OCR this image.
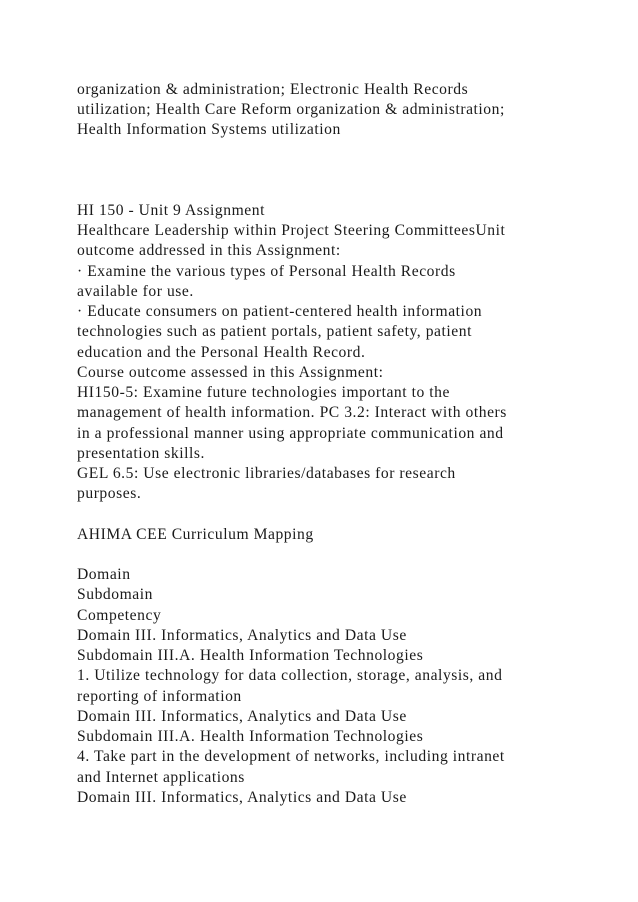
organization & administration; Electronic Health Records
utilization; Health Care Reform organization & administration;
Health Information Systems utilization
HI 150 - Unit 9 Assignment
Healthcare Leadership within Project Steering CommitteesUnit
outcome addressed in this Assignment:
· Examine the various types of Personal Health Records
available for use.
· Educate consumers on patient-centered health information
technologies such as patient portals, patient safety, patient
education and the Personal Health Record.
Course outcome assessed in this Assignment:
HI150-5: Examine future technologies important to the
management of health information. PC 3.2: Interact with others
in a professional manner using appropriate communication and
presentation skills.
GEL 6.5: Use electronic libraries/databases for research
purposes.
AHIMA CEE Curriculum Mapping
Domain
Subdomain
Competency
Domain III. Informatics, Analytics and Data Use
Subdomain III.A. Health Information Technologies
1. Utilize technology for data collection, storage, analysis, and
reporting of information
Domain III. Informatics, Analytics and Data Use
Subdomain III.A. Health Information Technologies
4. Take part in the development of networks, including intranet
and Internet applications
Domain III. Informatics, Analytics and Data Use
